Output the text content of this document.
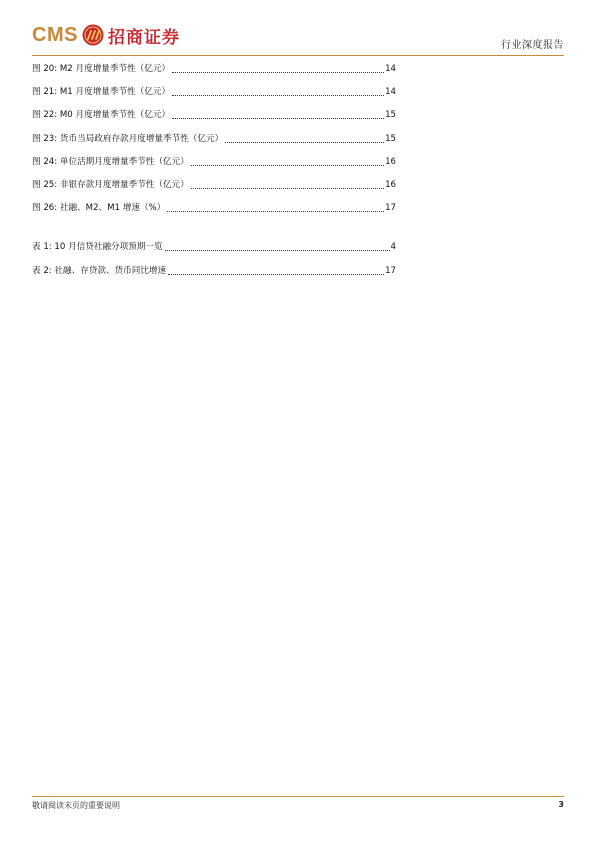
CMS 招商证券	行业深度报告
图 20: M2 月度增量季节性（亿元）	14
图 21: M1 月度增量季节性（亿元）	14
图 22: M0 月度增量季节性（亿元）	15
图 23: 货币当局政府存款月度增量季节性（亿元）	15
图 24: 单位活期月度增量季节性（亿元）	16
图 25: 非银存款月度增量季节性（亿元）	16
图 26: 社融、M2、M1 增速（%）	17
表 1: 10 月信贷社融分项预期一览	4
表 2: 社融、存贷款、货币同比增速	17
敬请阅读末页的重要说明	3
